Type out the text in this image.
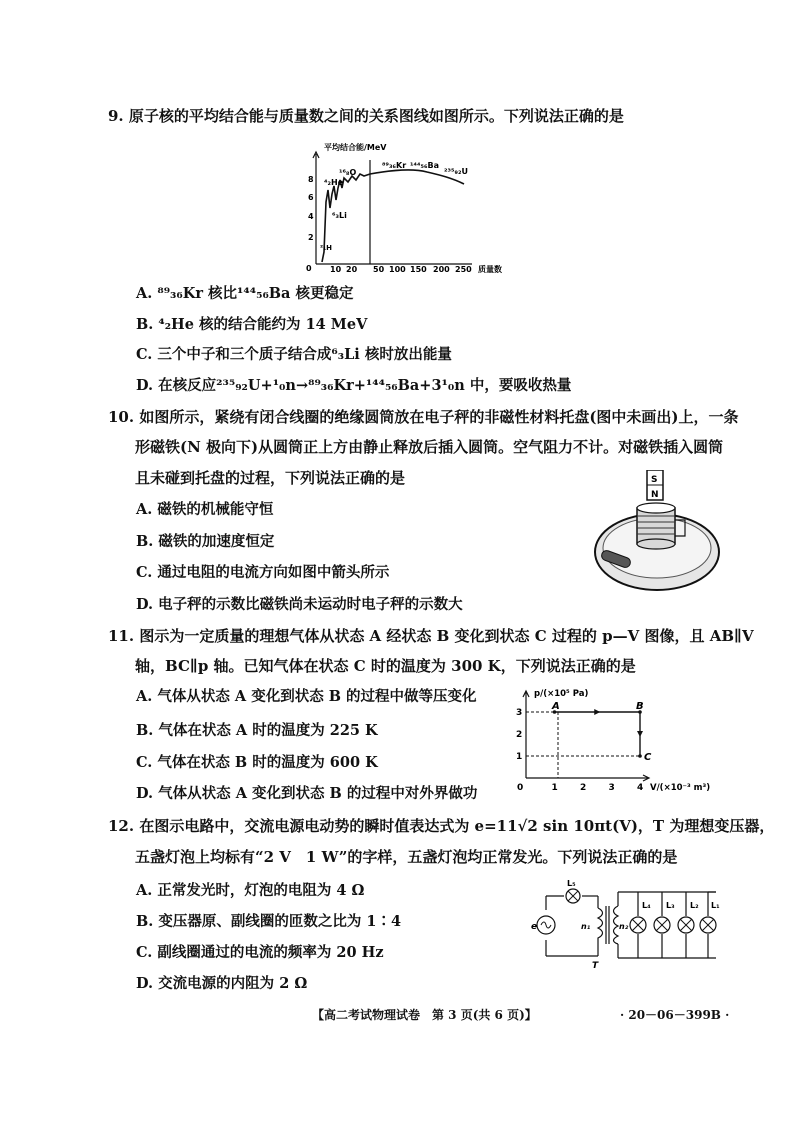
9. 原子核的平均结合能与质量数之间的关系图线如图所示。下列说法正确的是
平均结合能/MeV
2
4
6
8
0 10 20 50 100 150 200 250 质量数
²₁H
⁴₂He
¹⁶₈O
⁶₃Li
⁸⁹₃₆Kr ¹⁴⁴₅₆Ba
²³⁵₉₂U
A. ⁸⁹₃₆Kr 核比¹⁴⁴₅₆Ba 核更稳定
B. ⁴₂He 核的结合能约为 14 MeV
C. 三个中子和三个质子结合成⁶₃Li 核时放出能量
D. 在核反应²³⁵₉₂U+¹₀n→⁸⁹₃₆Kr+¹⁴⁴₅₆Ba+3¹₀n 中，要吸收热量
10. 如图所示，紧绕有闭合线圈的绝缘圆筒放在电子秤的非磁性材料托盘(图中未画出)上，一条
形磁铁(N 极向下)从圆筒正上方由静止释放后插入圆筒。空气阻力不计。对磁铁插入圆筒
且未碰到托盘的过程，下列说法正确的是	S
N
A. 磁铁的机械能守恒
B. 磁铁的加速度恒定
C. 通过电阻的电流方向如图中箭头所示
D. 电子秤的示数比磁铁尚未运动时电子秤的示数大
11. 图示为一定质量的理想气体从状态 A 经状态 B 变化到状态 C 过程的 p—V 图像，且 AB∥V
轴，BC∥p 轴。已知气体在状态 C 时的温度为 300 K，下列说法正确的是
A. 气体从状态 A 变化到状态 B 的过程中做等压变化
B. 气体在状态 A 时的温度为 225 K
C. 气体在状态 B 时的温度为 600 K
D. 气体从状态 A 变化到状态 B 的过程中对外界做功
p/(×10⁵ Pa)
V/(×10⁻³ m³)
0	1 2 3 4
1
2
3
A	B
C
12. 在图示电路中，交流电源电动势的瞬时值表达式为 e=11√2 sin 10πt(V)，T 为理想变压器，
五盏灯泡上均标有“2 V　1 W”的字样，五盏灯泡均正常发光。下列说法正确的是
A. 正常发光时，灯泡的电阻为 4 Ω
B. 变压器原、副线圈的匝数之比为 1∶4
C. 副线圈通过的电流的频率为 20 Hz
D. 交流电源的内阻为 2 Ω
e
L₅
n₁	n₂
T
L₄ L₃ L₂ L₁
【高二考试物理试卷　第 3 页(共 6 页)】	· 20－06－399B ·
